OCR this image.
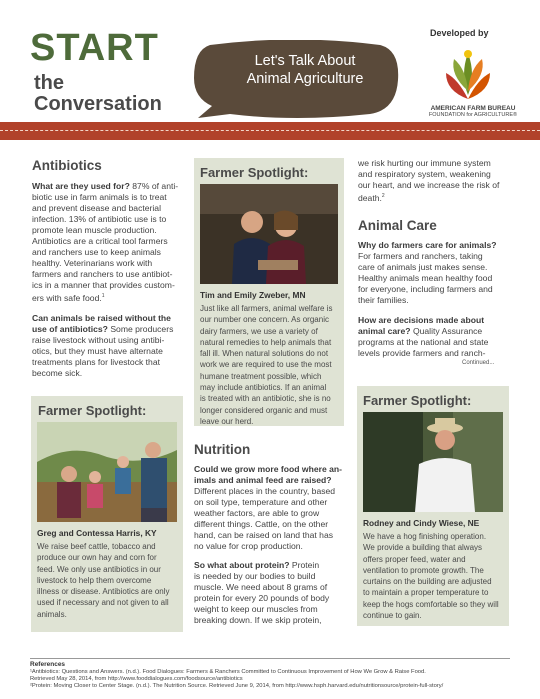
START
the
Conversation
Let's Talk About
Animal Agriculture
Developed by
AMERICAN FARM BUREAU
FOUNDATION for AGRICULTURE®
Antibiotics
What are they used for? 87% of anti-
biotic use in farm animals is to treat
and prevent disease and bacterial
infection. 13% of antibiotic use is to
promote lean muscle production.
Antibiotics are a critical tool farmers
and ranchers use to keep animals
healthy. Veterinarians work with
farmers and ranchers to use antibiot-
ics in a manner that provides custom-
ers with safe food.$^1$
Can animals be raised without the
use of antibiotics? Some producers
raise livestock without using antibi-
otics, but they must have alternate
treatments plans for livestock that
become sick.
Farmer Spotlight:
Greg and Contessa Harris, KY
We raise beef cattle, tobacco and
produce our own hay and corn for
feed. We only use antibiotics in our
livestock to help them overcome
illness or disease. Antibiotics are only
used if necessary and not given to all
animals.
Farmer Spotlight:
Tim and Emily Zweber, MN
Just like all farmers, animal welfare is
our number one concern. As organic
dairy farmers, we use a variety of
natural remedies to help animals that
fall ill. When natural solutions do not
work we are required to use the most
humane treatment possible, which
may include antibiotics. If an animal
is treated with an antibiotic, she is no
longer considered organic and must
leave our herd.
Nutrition
Could we grow more food where an-
imals and animal feed are raised?
Different places in the country, based
on soil type, temperature and other
weather factors, are able to grow
different things. Cattle, on the other
hand, can be raised on land that has
no value for crop production.
So what about protein? Protein
is needed by our bodies to build
muscle. We need about 8 grams of
protein for every 20 pounds of body
weight to keep our muscles from
breaking down. If we skip protein,
we risk hurting our immune system
and respiratory system, weakening
our heart, and we increase the risk of
death.$^2$
Animal Care
Why do farmers care for animals?
For farmers and ranchers, taking
care of animals just makes sense.
Healthy animals mean healthy food
for everyone, including farmers and
their families.
How are decisions made about
animal care? Quality Assurance
programs at the national and state
levels provide farmers and ranch-
Continued...
Farmer Spotlight:
Rodney and Cindy Wiese, NE
We have a hog finishing operation.
We provide a building that always
offers proper feed, water and
ventilation to promote growth. The
curtains on the building are adjusted
to maintain a proper temperature to
keep the hogs comfortable so they will
continue to gain.
References
¹Antibiotics: Questions and Answers. (n.d.). Food Dialogues: Farmers & Ranchers Committed to Continuous Improvement of How We Grow & Raise Food.
Retrieved May 28, 2014, from http://www.fooddialogues.com/foodsource/antibiotics
²Protein: Moving Closer to Center Stage. (n.d.). The Nutrition Source. Retrieved June 9, 2014, from http://www.hsph.harvard.edu/nutritionsource/protein-full-story/
